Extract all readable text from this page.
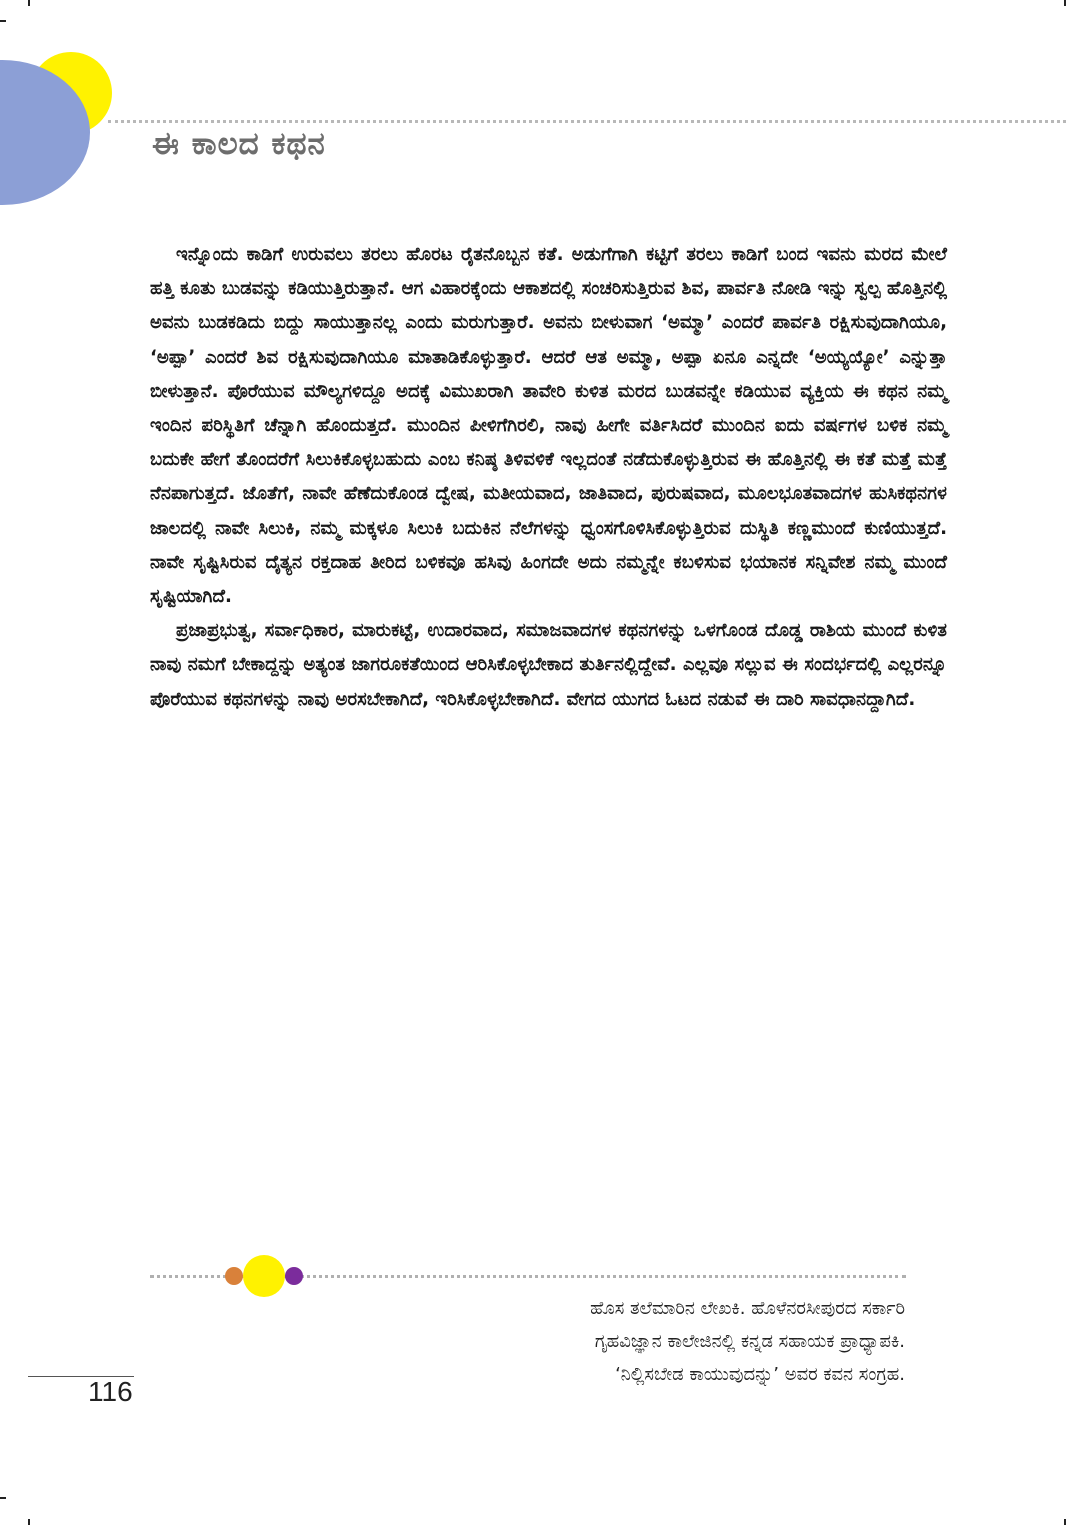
ಈ ಕಾಲದ ಕಥನ

ಇನ್ನೊಂದು ಕಾಡಿಗೆ ಉರುವಲು ತರಲು ಹೊರಟ ರೈತನೊಬ್ಬನ ಕತೆ. ಅಡುಗೆಗಾಗಿ ಕಟ್ಟಿಗೆ ತರಲು ಕಾಡಿಗೆ ಬಂದ ಇವನು ಮರದ ಮೇಲೆ ಹತ್ತಿ ಕೂತು ಬುಡವನ್ನು ಕಡಿಯುತ್ತಿರುತ್ತಾನೆ. ಆಗ ವಿಹಾರಕ್ಕೆಂದು ಆಕಾಶದಲ್ಲಿ ಸಂಚರಿಸುತ್ತಿರುವ ಶಿವ, ಪಾರ್ವತಿ ನೋಡಿ ಇನ್ನು ಸ್ವಲ್ಪ ಹೊತ್ತಿನಲ್ಲಿ ಅವನು ಬುಡಕಡಿದು ಬಿದ್ದು ಸಾಯುತ್ತಾನಲ್ಲ ಎಂದು ಮರುಗುತ್ತಾರೆ. ಅವನು ಬೀಳುವಾಗ ‘ಅಮ್ಮಾ’ ಎಂದರೆ ಪಾರ್ವತಿ ರಕ್ಷಿಸುವುದಾಗಿಯೂ, ‘ಅಪ್ಪಾ’ ಎಂದರೆ ಶಿವ ರಕ್ಷಿಸುವುದಾಗಿಯೂ ಮಾತಾಡಿಕೊಳ್ಳುತ್ತಾರೆ. ಆದರೆ ಆತ ಅಮ್ಮಾ, ಅಪ್ಪಾ ಏನೂ ಎನ್ನದೇ ‘ಅಯ್ಯಯ್ಯೋ’ ಎನ್ನುತ್ತಾ ಬೀಳುತ್ತಾನೆ. ಪೊರೆಯುವ ಮೌಲ್ಯಗಳಿದ್ದೂ ಅದಕ್ಕೆ ವಿಮುಖರಾಗಿ ತಾವೇರಿ ಕುಳಿತ ಮರದ ಬುಡವನ್ನೇ ಕಡಿಯುವ ವ್ಯಕ್ತಿಯ ಈ ಕಥನ ನಮ್ಮ ಇಂದಿನ ಪರಿಸ್ಥಿತಿಗೆ ಚೆನ್ನಾಗಿ ಹೊಂದುತ್ತದೆ. ಮುಂದಿನ ಪೀಳಿಗೆಗಿರಲಿ, ನಾವು ಹೀಗೇ ವರ್ತಿಸಿದರೆ ಮುಂದಿನ ಐದು ವರ್ಷಗಳ ಬಳಿಕ ನಮ್ಮ ಬದುಕೇ ಹೇಗೆ ತೊಂದರೆಗೆ ಸಿಲುಕಿಕೊಳ್ಳಬಹುದು ಎಂಬ ಕನಿಷ್ಠ ತಿಳಿವಳಿಕೆ ಇಲ್ಲದಂತೆ ನಡೆದುಕೊಳ್ಳುತ್ತಿರುವ ಈ ಹೊತ್ತಿನಲ್ಲಿ ಈ ಕತೆ ಮತ್ತೆ ಮತ್ತೆ ನೆನಪಾಗುತ್ತದೆ. ಜೊತೆಗೆ, ನಾವೇ ಹೆಣೆದುಕೊಂಡ ದ್ವೇಷ, ಮತೀಯವಾದ, ಜಾತಿವಾದ, ಪುರುಷವಾದ, ಮೂಲಭೂತವಾದಗಳ ಹುಸಿಕಥನಗಳ ಜಾಲದಲ್ಲಿ ನಾವೇ ಸಿಲುಕಿ, ನಮ್ಮ ಮಕ್ಕಳೂ ಸಿಲುಕಿ ಬದುಕಿನ ನೆಲೆಗಳನ್ನು ಧ್ವಂಸಗೊಳಿಸಿಕೊಳ್ಳುತ್ತಿರುವ ದುಸ್ಥಿತಿ ಕಣ್ಣಮುಂದೆ ಕುಣಿಯುತ್ತದೆ. ನಾವೇ ಸೃಷ್ಟಿಸಿರುವ ದೈತ್ಯನ ರಕ್ತದಾಹ ತೀರಿದ ಬಳಿಕವೂ ಹಸಿವು ಹಿಂಗದೇ ಅದು ನಮ್ಮನ್ನೇ ಕಬಳಿಸುವ ಭಯಾನಕ ಸನ್ನಿವೇಶ ನಮ್ಮ ಮುಂದೆ ಸೃಷ್ಟಿಯಾಗಿದೆ.

ಪ್ರಜಾಪ್ರಭುತ್ವ, ಸರ್ವಾಧಿಕಾರ, ಮಾರುಕಟ್ಟೆ, ಉದಾರವಾದ, ಸಮಾಜವಾದಗಳ ಕಥನಗಳನ್ನು ಒಳಗೊಂಡ ದೊಡ್ಡ ರಾಶಿಯ ಮುಂದೆ ಕುಳಿತ ನಾವು ನಮಗೆ ಬೇಕಾದ್ದನ್ನು ಅತ್ಯಂತ ಜಾಗರೂಕತೆಯಿಂದ ಆರಿಸಿಕೊಳ್ಳಬೇಕಾದ ತುರ್ತಿನಲ್ಲಿದ್ದೇವೆ. ಎಲ್ಲವೂ ಸಲ್ಲುವ ಈ ಸಂದರ್ಭದಲ್ಲಿ ಎಲ್ಲರನ್ನೂ ಪೊರೆಯುವ ಕಥನಗಳನ್ನು ನಾವು ಅರಸಬೇಕಾಗಿದೆ, ಇರಿಸಿಕೊಳ್ಳಬೇಕಾಗಿದೆ. ವೇಗದ ಯುಗದ ಓಟದ ನಡುವೆ ಈ ದಾರಿ ಸಾವಧಾನದ್ದಾಗಿದೆ.

ಹೊಸ ತಲೆಮಾರಿನ ಲೇಖಕಿ. ಹೊಳೆನರಸೀಪುರದ ಸರ್ಕಾರಿ
ಗೃಹವಿಜ್ಞಾನ ಕಾಲೇಜಿನಲ್ಲಿ ಕನ್ನಡ ಸಹಾಯಕ ಪ್ರಾಧ್ಯಾಪಕಿ.
‘ನಿಲ್ಲಿಸಬೇಡ ಕಾಯುವುದನ್ನು’ ಅವರ ಕವನ ಸಂಗ್ರಹ.
116
